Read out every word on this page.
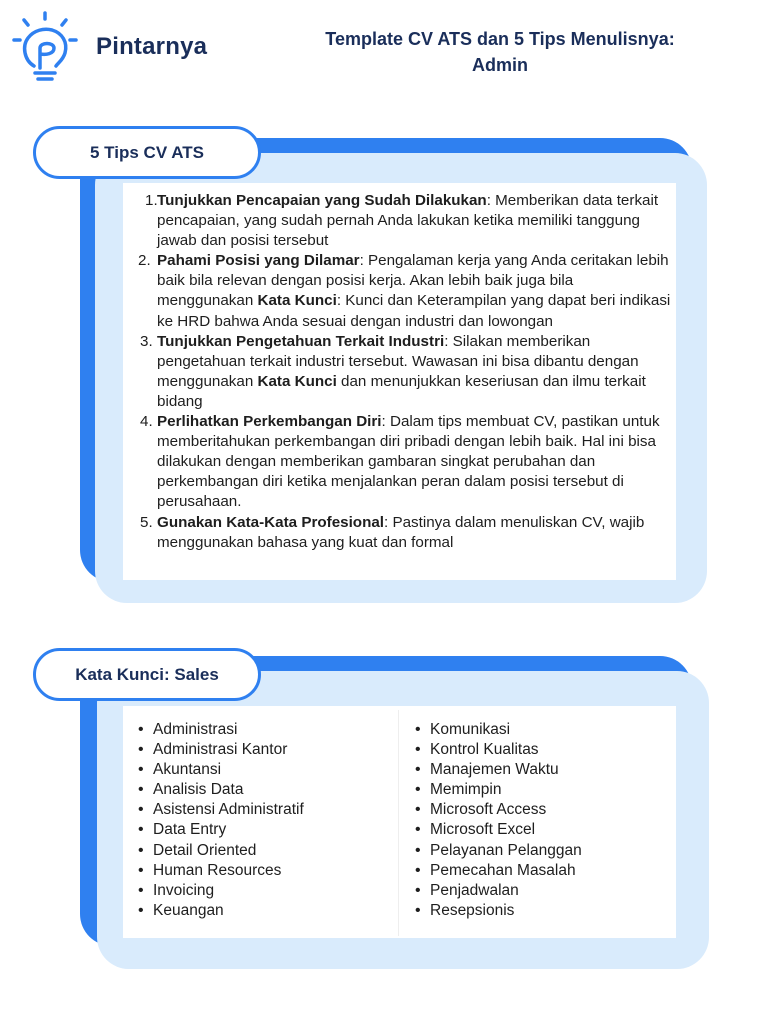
Pintarnya	Template CV ATS dan 5 Tips Menulisnya:
Admin
5 Tips CV ATS
1. Tunjukkan Pencapaian yang Sudah Dilakukan: Memberikan data terkait pencapaian, yang sudah pernah Anda lakukan ketika memiliki tanggung jawab dan posisi tersebut
2. Pahami Posisi yang Dilamar: Pengalaman kerja yang Anda ceritakan lebih baik bila relevan dengan posisi kerja. Akan lebih baik juga bila menggunakan Kata Kunci: Kunci dan Keterampilan yang dapat beri indikasi ke HRD bahwa Anda sesuai dengan industri dan lowongan
3. Tunjukkan Pengetahuan Terkait Industri: Silakan memberikan pengetahuan terkait industri tersebut. Wawasan ini bisa dibantu dengan menggunakan Kata Kunci dan menunjukkan keseriusan dan ilmu terkait bidang
4. Perlihatkan Perkembangan Diri: Dalam tips membuat CV, pastikan untuk memberitahukan perkembangan diri pribadi dengan lebih baik. Hal ini bisa dilakukan dengan memberikan gambaran singkat perubahan dan perkembangan diri ketika menjalankan peran dalam posisi tersebut di perusahaan.
5. Gunakan Kata-Kata Profesional: Pastinya dalam menuliskan CV, wajib menggunakan bahasa yang kuat dan formal
Kata Kunci: Sales
• Administrasi
• Administrasi Kantor
• Akuntansi
• Analisis Data
• Asistensi Administratif
• Data Entry
• Detail Oriented
• Human Resources
• Invoicing
• Keuangan
• Komunikasi
• Kontrol Kualitas
• Manajemen Waktu
• Memimpin
• Microsoft Access
• Microsoft Excel
• Pelayanan Pelanggan
• Pemecahan Masalah
• Penjadwalan
• Resepsionis
